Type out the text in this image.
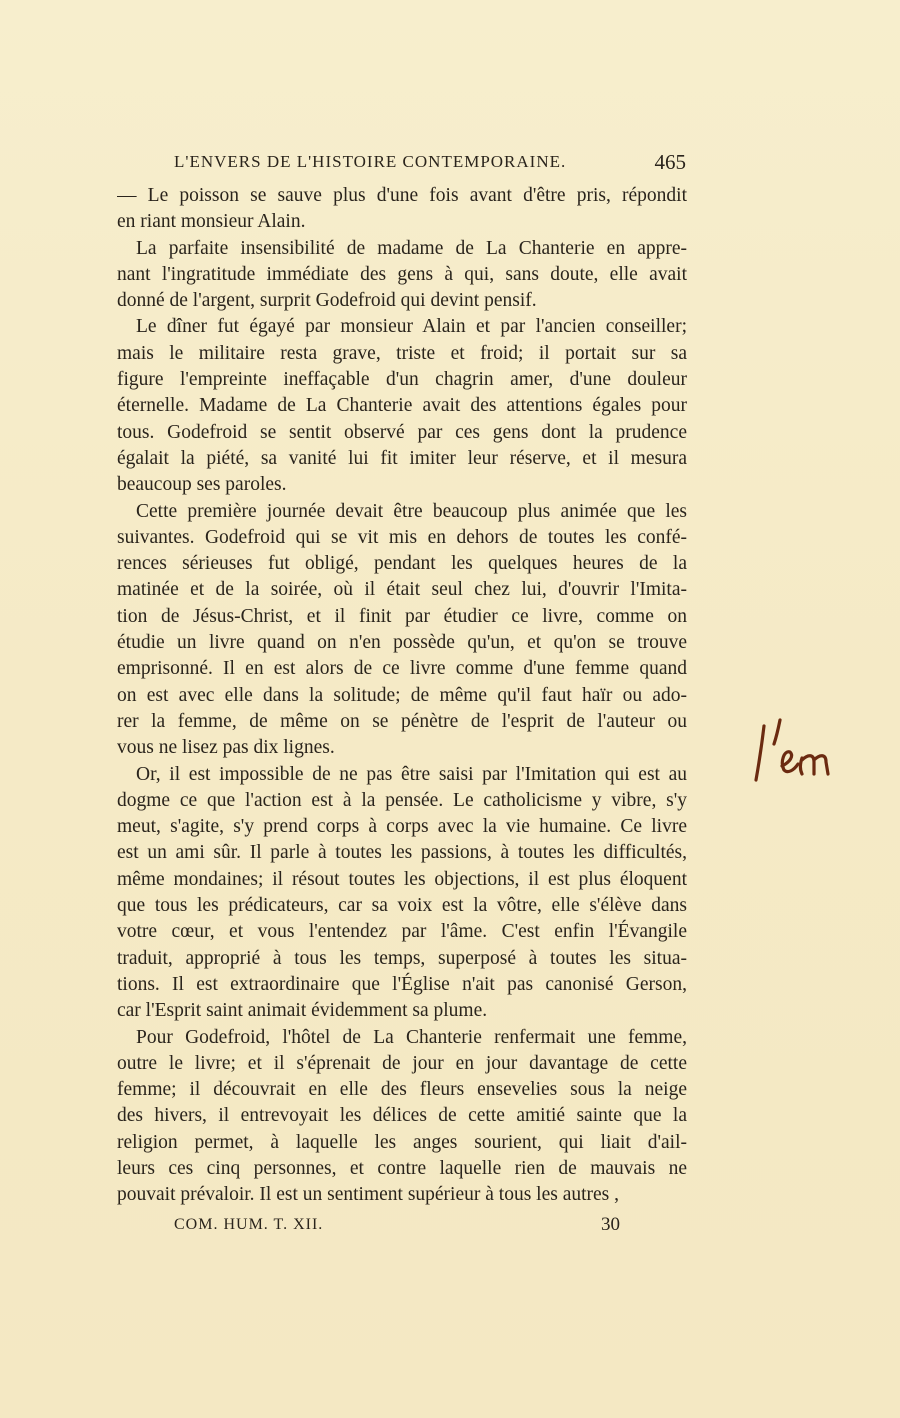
L'ENVERS DE L'HISTOIRE CONTEMPORAINE.	465
— Le poisson se sauve plus d'une fois avant d'être pris, répondit
en riant monsieur Alain.
La parfaite insensibilité de madame de La Chanterie en appre-
nant l'ingratitude immédiate des gens à qui, sans doute, elle avait
donné de l'argent, surprit Godefroid qui devint pensif.
Le dîner fut égayé par monsieur Alain et par l'ancien conseiller;
mais le militaire resta grave, triste et froid; il portait sur sa
figure l'empreinte ineffaçable d'un chagrin amer, d'une douleur
éternelle. Madame de La Chanterie avait des attentions égales pour
tous. Godefroid se sentit observé par ces gens dont la prudence
égalait la piété, sa vanité lui fit imiter leur réserve, et il mesura
beaucoup ses paroles.
Cette première journée devait être beaucoup plus animée que les
suivantes. Godefroid qui se vit mis en dehors de toutes les confé-
rences sérieuses fut obligé, pendant les quelques heures de la
matinée et de la soirée, où il était seul chez lui, d'ouvrir l'Imita-
tion de Jésus-Christ, et il finit par étudier ce livre, comme on
étudie un livre quand on n'en possède qu'un, et qu'on se trouve
emprisonné. Il en est alors de ce livre comme d'une femme quand
on est avec elle dans la solitude; de même qu'il faut haïr ou ado-
rer la femme, de même on se pénètre de l'esprit de l'auteur ou
vous ne lisez pas dix lignes.
Or, il est impossible de ne pas être saisi par l'Imitation qui est au
dogme ce que l'action est à la pensée. Le catholicisme y vibre, s'y
meut, s'agite, s'y prend corps à corps avec la vie humaine. Ce livre
est un ami sûr. Il parle à toutes les passions, à toutes les difficultés,
même mondaines; il résout toutes les objections, il est plus éloquent
que tous les prédicateurs, car sa voix est la vôtre, elle s'élève dans
votre cœur, et vous l'entendez par l'âme. C'est enfin l'Évangile
traduit, approprié à tous les temps, superposé à toutes les situa-
tions. Il est extraordinaire que l'Église n'ait pas canonisé Gerson,
car l'Esprit saint animait évidemment sa plume.
Pour Godefroid, l'hôtel de La Chanterie renfermait une femme,
outre le livre; et il s'éprenait de jour en jour davantage de cette
femme; il découvrait en elle des fleurs ensevelies sous la neige
des hivers, il entrevoyait les délices de cette amitié sainte que la
religion permet, à laquelle les anges sourient, qui liait d'ail-
leurs ces cinq personnes, et contre laquelle rien de mauvais ne
pouvait prévaloir. Il est un sentiment supérieur à tous les autres ,
COM. HUM. T. XII.	30
